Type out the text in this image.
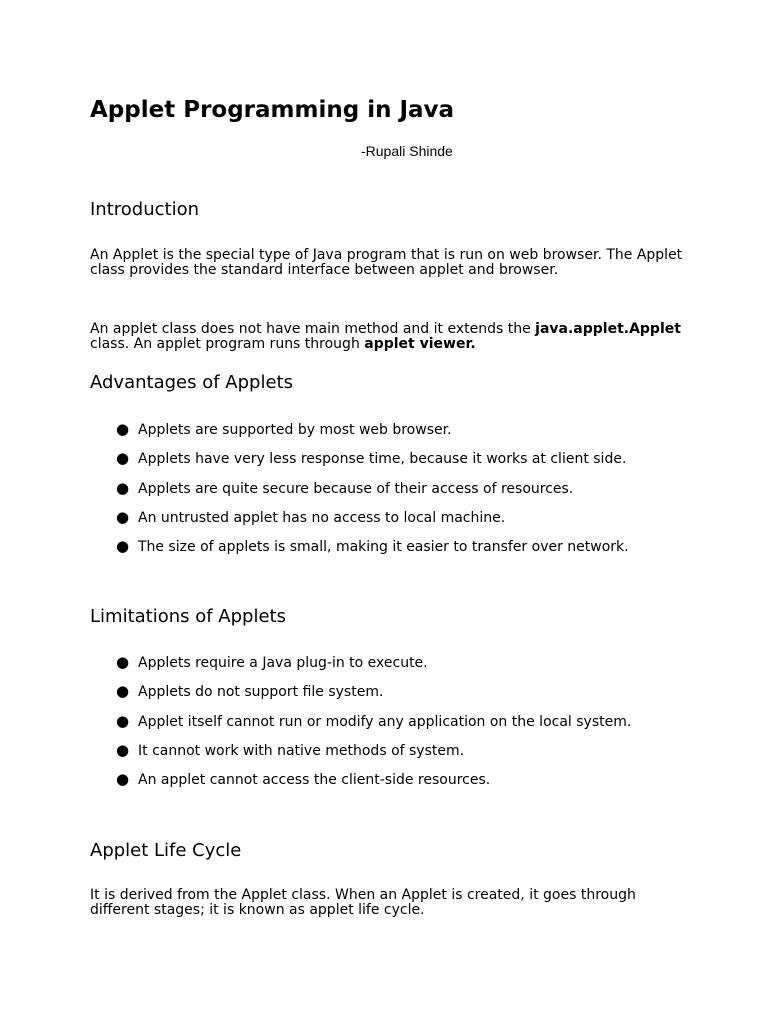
Applet Programming in Java
-Rupali Shinde
Introduction

An Applet is the special type of Java program that is run on web browser. The Applet class provides the standard interface between applet and browser.

An applet class does not have main method and it extends the java.applet.Applet class. An applet program runs through applet viewer.

Advantages of Applets
● Applets are supported by most web browser.
● Applets have very less response time, because it works at client side.
● Applets are quite secure because of their access of resources.
● An untrusted applet has no access to local machine.
● The size of applets is small, making it easier to transfer over network.
Limitations of Applets
● Applets require a Java plug-in to execute.
● Applets do not support file system.
● Applet itself cannot run or modify any application on the local system.
● It cannot work with native methods of system.
● An applet cannot access the client-side resources.
Applet Life Cycle

It is derived from the Applet class. When an Applet is created, it goes through different stages; it is known as applet life cycle.
